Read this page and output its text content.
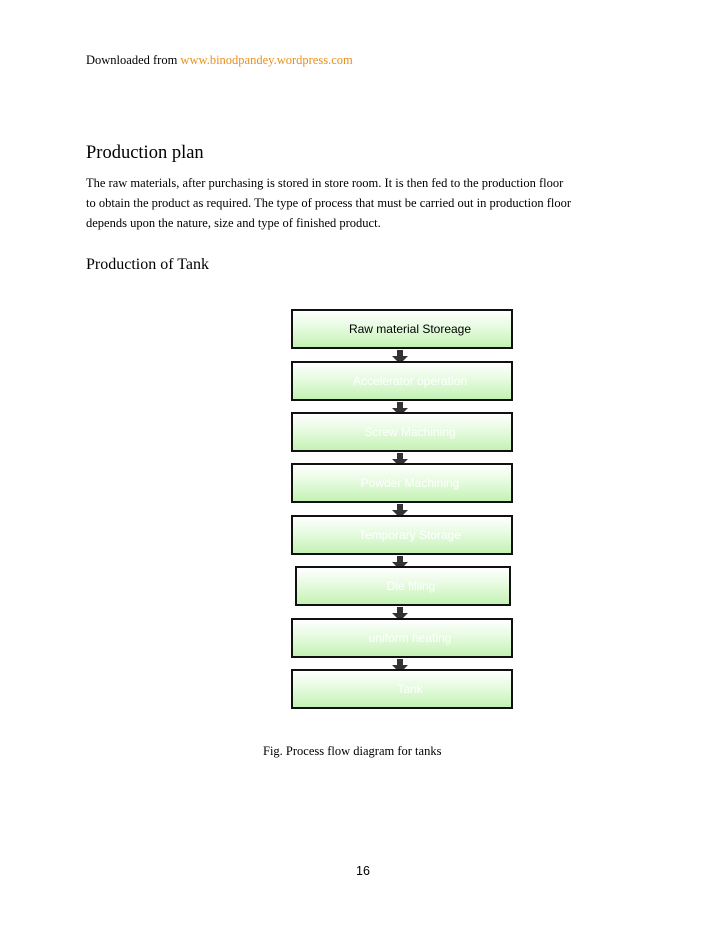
Downloaded from www.binodpandey.wordpress.com
Production plan
The raw materials, after purchasing is stored in store room. It is then fed to the production floor
to obtain the product as required. The type of process that must be carried out in production floor
depends upon the nature, size and type of finished product.
Production of Tank
Raw material Storeage
Accelerator operation
Screw Machining
Powder Machining
Temporary Storage
Die filling
uniform heating
Tank
Fig. Process flow diagram for tanks
16
